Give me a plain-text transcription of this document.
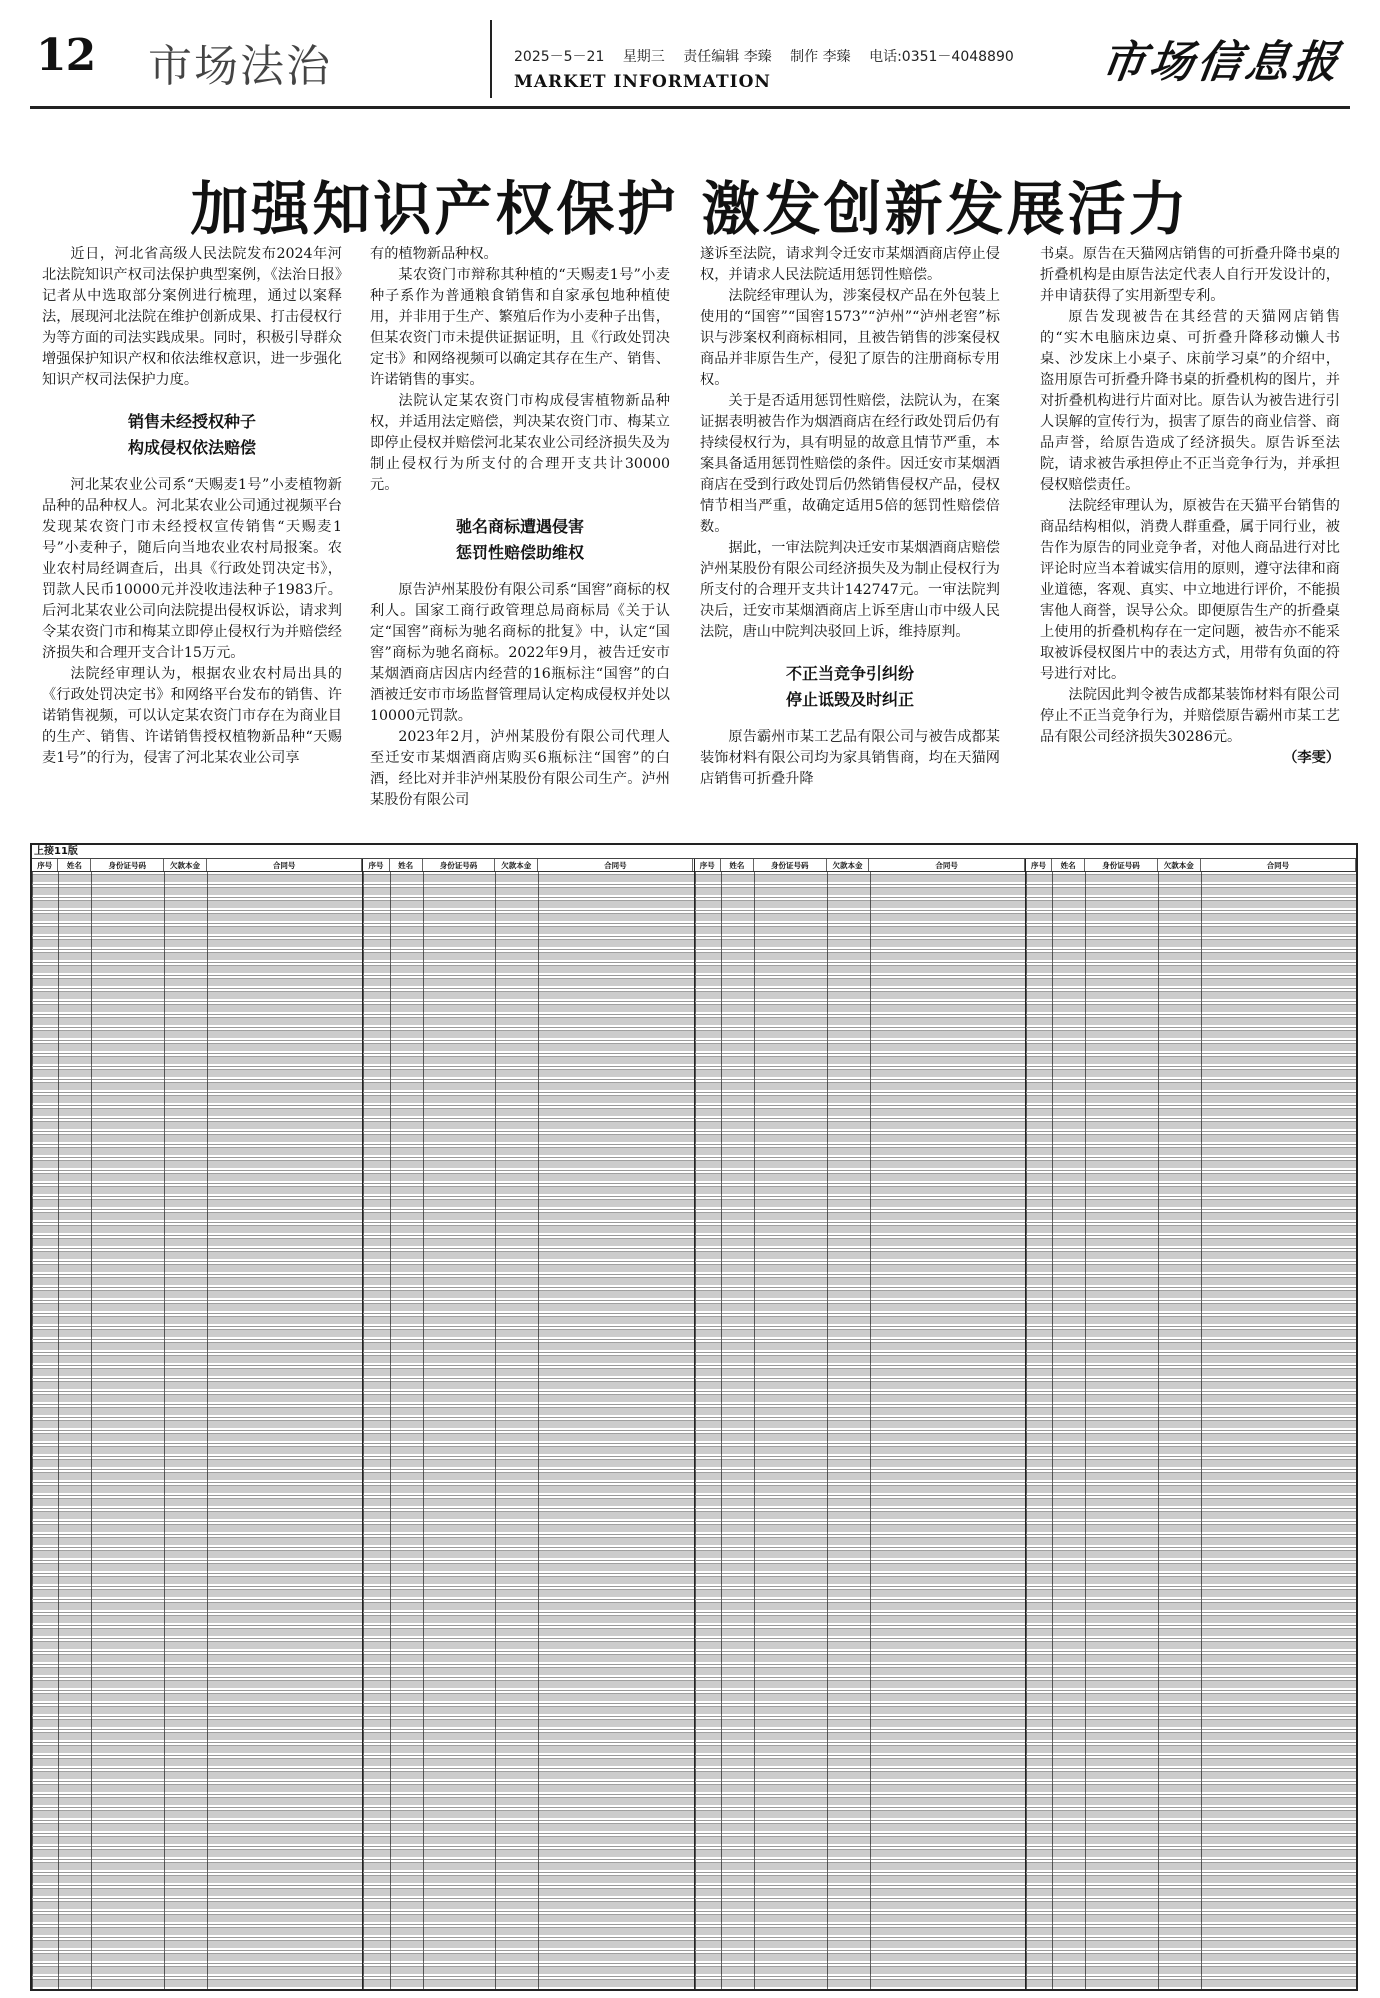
12 市场法治	2025－5－21 星期三 责任编辑 李臻 制作 李臻 电话:0351－4048890
MARKET INFORMATION	市场信息报
加强知识产权保护 激发创新发展活力

近日，河北省高级人民法院发布2024年河北法院知识产权司法保护典型案例，《法治日报》记者从中选取部分案例进行梳理，通过以案释法，展现河北法院在维护创新成果、打击侵权行为等方面的司法实践成果。同时，积极引导群众增强保护知识产权和依法维权意识，进一步强化知识产权司法保护力度。

销售未经授权种子
构成侵权依法赔偿

河北某农业公司系“天赐麦1号”小麦植物新品种的品种权人。河北某农业公司通过视频平台发现某农资门市未经授权宣传销售“天赐麦1号”小麦种子，随后向当地农业农村局报案。农业农村局经调查后，出具《行政处罚决定书》，罚款人民币10000元并没收违法种子1983斤。后河北某农业公司向法院提出侵权诉讼，请求判令某农资门市和梅某立即停止侵权行为并赔偿经济损失和合理开支合计15万元。

法院经审理认为，根据农业农村局出具的《行政处罚决定书》和网络平台发布的销售、许诺销售视频，可以认定某农资门市存在为商业目的生产、销售、许诺销售授权植物新品种“天赐麦1号”的行为，侵害了河北某农业公司享

有的植物新品种权。

某农资门市辩称其种植的“天赐麦1号”小麦种子系作为普通粮食销售和自家承包地种植使用，并非用于生产、繁殖后作为小麦种子出售，但某农资门市未提供证据证明，且《行政处罚决定书》和网络视频可以确定其存在生产、销售、许诺销售的事实。

法院认定某农资门市构成侵害植物新品种权，并适用法定赔偿，判决某农资门市、梅某立即停止侵权并赔偿河北某农业公司经济损失及为制止侵权行为所支付的合理开支共计30000元。

驰名商标遭遇侵害
惩罚性赔偿助维权

原告泸州某股份有限公司系“国窖”商标的权利人。国家工商行政管理总局商标局《关于认定“国窖”商标为驰名商标的批复》中，认定“国窖”商标为驰名商标。2022年9月，被告迁安市某烟酒商店因店内经营的16瓶标注“国窖”的白酒被迁安市市场监督管理局认定构成侵权并处以10000元罚款。

2023年2月，泸州某股份有限公司代理人至迁安市某烟酒商店购买6瓶标注“国窖”的白酒，经比对并非泸州某股份有限公司生产。泸州某股份有限公司

遂诉至法院，请求判令迁安市某烟酒商店停止侵权，并请求人民法院适用惩罚性赔偿。

法院经审理认为，涉案侵权产品在外包装上使用的“国窖”“国窖1573”“泸州”“泸州老窖”标识与涉案权利商标相同，且被告销售的涉案侵权商品并非原告生产，侵犯了原告的注册商标专用权。

关于是否适用惩罚性赔偿，法院认为，在案证据表明被告作为烟酒商店在经行政处罚后仍有持续侵权行为，具有明显的故意且情节严重，本案具备适用惩罚性赔偿的条件。因迁安市某烟酒商店在受到行政处罚后仍然销售侵权产品，侵权情节相当严重，故确定适用5倍的惩罚性赔偿倍数。

据此，一审法院判决迁安市某烟酒商店赔偿泸州某股份有限公司经济损失及为制止侵权行为所支付的合理开支共计142747元。一审法院判决后，迁安市某烟酒商店上诉至唐山市中级人民法院，唐山中院判决驳回上诉，维持原判。

不正当竞争引纠纷
停止诋毁及时纠正

原告霸州市某工艺品有限公司与被告成都某装饰材料有限公司均为家具销售商，均在天猫网店销售可折叠升降

书桌。原告在天猫网店销售的可折叠升降书桌的折叠机构是由原告法定代表人自行开发设计的，并申请获得了实用新型专利。

原告发现被告在其经营的天猫网店销售的“实木电脑床边桌、可折叠升降移动懒人书桌、沙发床上小桌子、床前学习桌”的介绍中，盗用原告可折叠升降书桌的折叠机构的图片，并对折叠机构进行片面对比。原告认为被告进行引人误解的宣传行为，损害了原告的商业信誉、商品声誉，给原告造成了经济损失。原告诉至法院，请求被告承担停止不正当竞争行为，并承担侵权赔偿责任。

法院经审理认为，原被告在天猫平台销售的商品结构相似，消费人群重叠，属于同行业，被告作为原告的同业竞争者，对他人商品进行对比评论时应当本着诚实信用的原则，遵守法律和商业道德，客观、真实、中立地进行评价，不能损害他人商誉，误导公众。即便原告生产的折叠桌上使用的折叠机构存在一定问题，被告亦不能采取被诉侵权图片中的表达方式，用带有负面的符号进行对比。

法院因此判令被告成都某装饰材料有限公司停止不正当竞争行为，并赔偿原告霸州市某工艺品有限公司经济损失30286元。

（李雯）
上接11版
序号	姓名	身份证号码	欠款本金	合同号	序号	姓名	身份证号码	欠款本金	合同号	序号	姓名	身份证号码	欠款本金	合同号	序号	姓名	身份证号码	欠款本金	合同号
